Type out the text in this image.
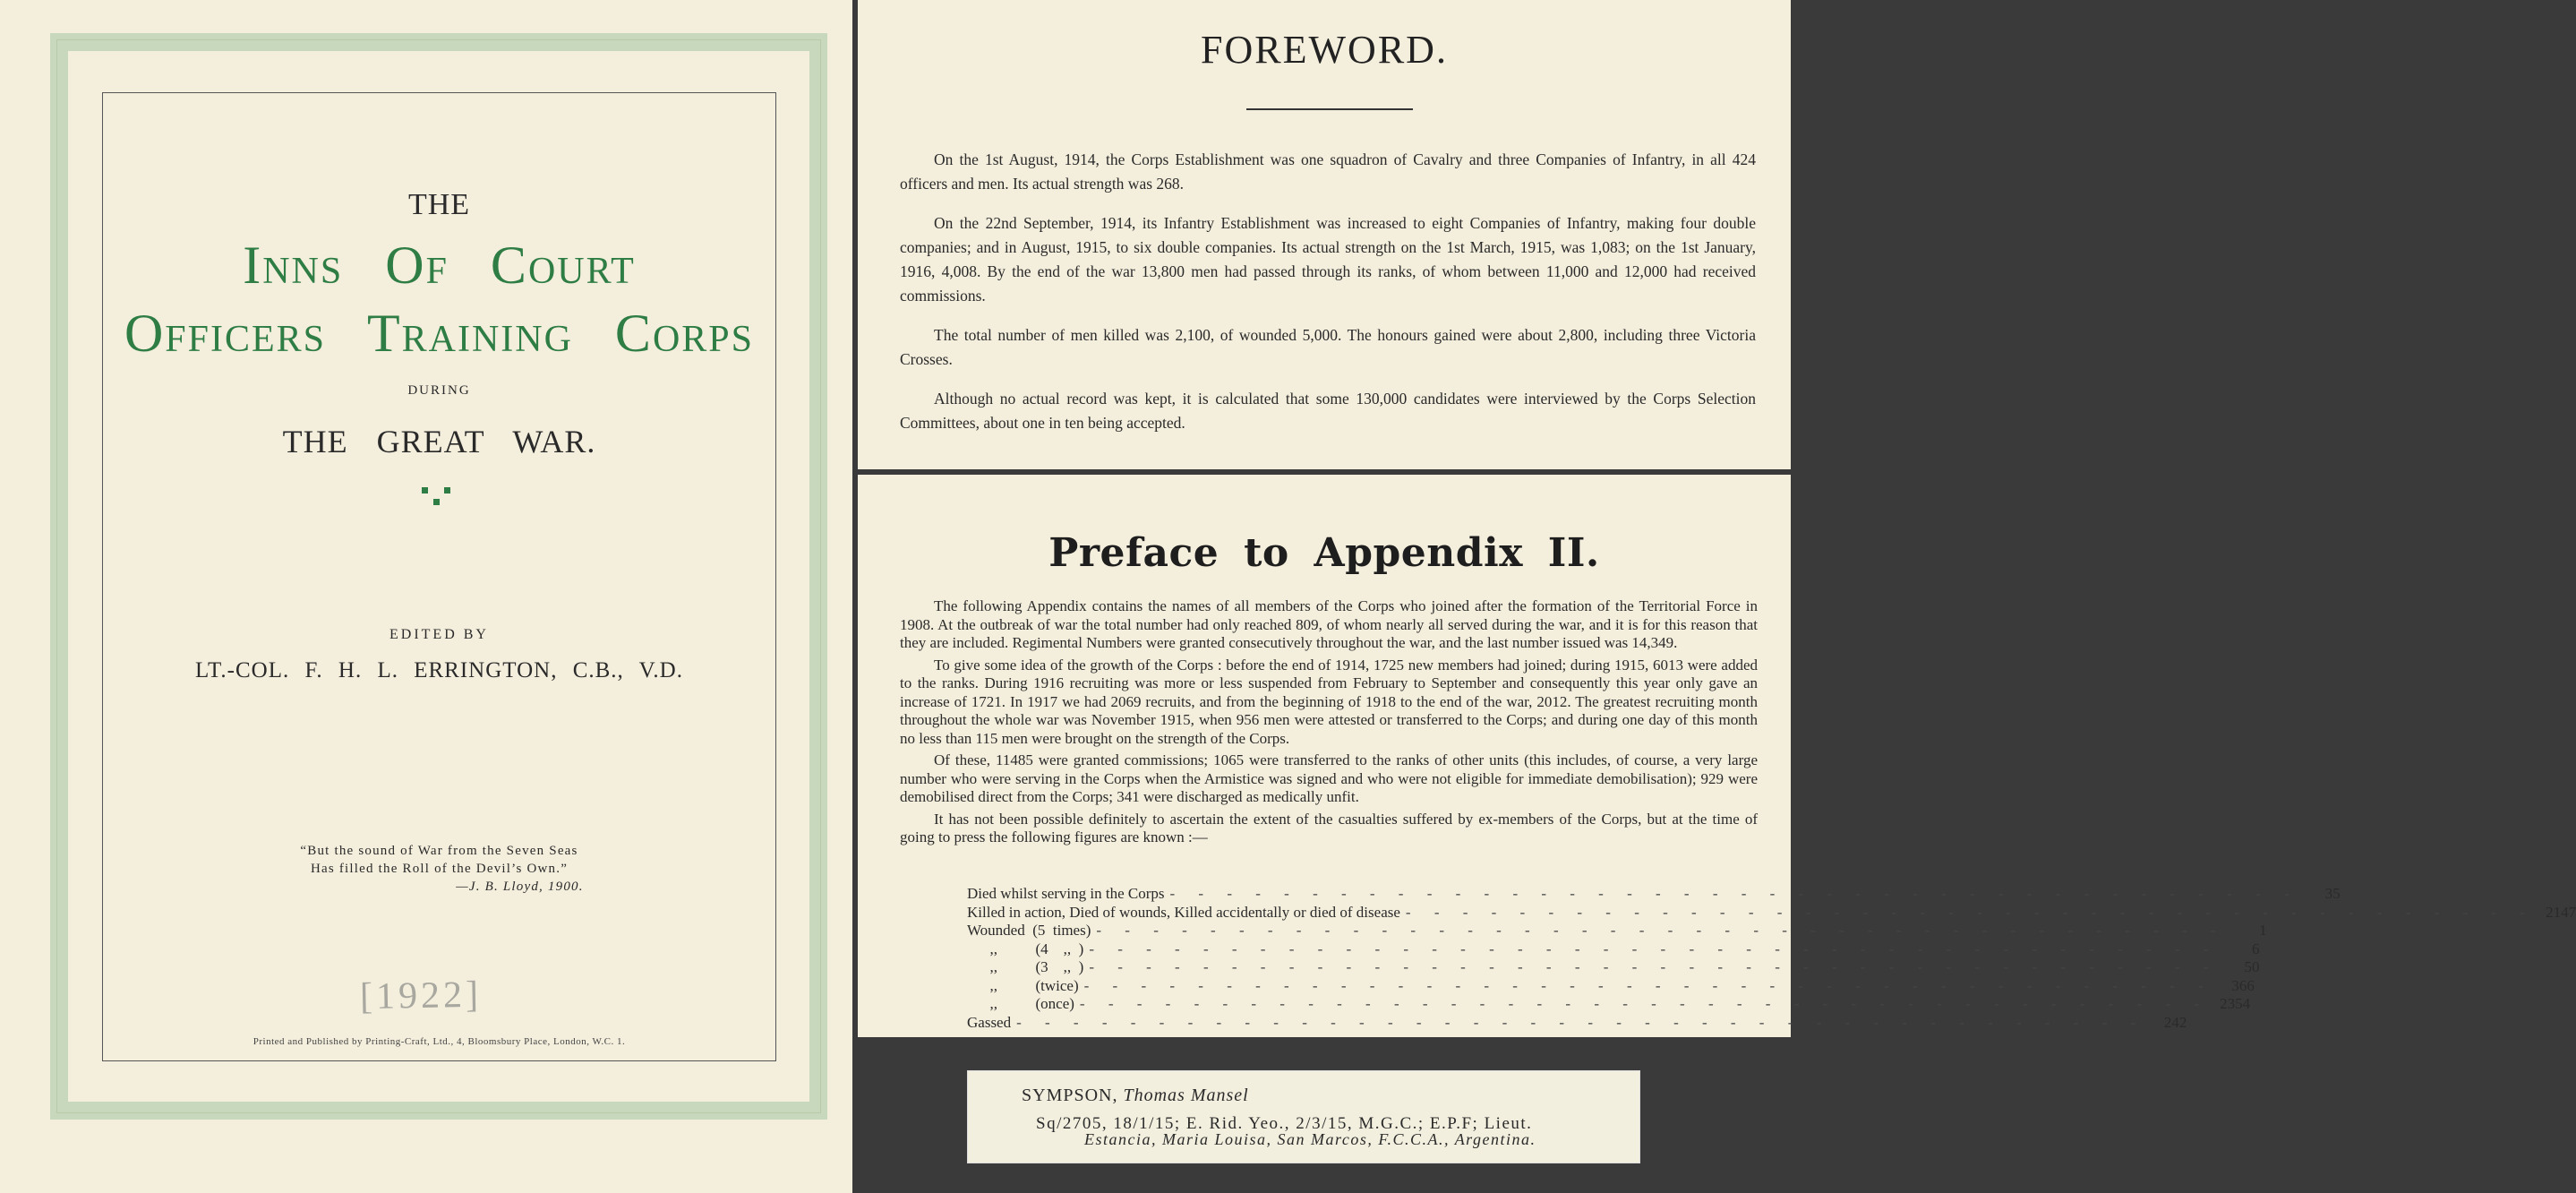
THE
Inns Of Court
Officers Training Corps
DURING
THE GREAT WAR.
EDITED BY
LT.-COL. F. H. L. ERRINGTON, C.B., V.D.
“But the sound of War from the Seven Seas
Has filled the Roll of the Devil’s Own.”
—J. B. Lloyd, 1900.
[1922]
Printed and Published by Printing-Craft, Ltd., 4, Bloomsbury Place, London, W.C. 1.
FOREWORD.

On the 1st August, 1914, the Corps Establishment was one squadron of Cavalry and three Companies of Infantry, in all 424 officers and men. Its actual strength was 268.

On the 22nd September, 1914, its Infantry Establishment was increased to eight Companies of Infantry, making four double companies; and in August, 1915, to six double companies. Its actual strength on the 1st March, 1915, was 1,083; on the 1st January, 1916, 4,008. By the end of the war 13,800 men had passed through its ranks, of whom between 11,000 and 12,000 had received commissions.

The total number of men killed was 2,100, of wounded 5,000. The honours gained were about 2,800, including three Victoria Crosses.

Although no actual record was kept, it is calculated that some 130,000 candidates were interviewed by the Corps Selection Committees, about one in ten being accepted.

Preface to Appendix II.

The following Appendix contains the names of all members of the Corps who joined after the formation of the Territorial Force in 1908. At the outbreak of war the total number had only reached 809, of whom nearly all served during the war, and it is for this reason that they are included. Regimental Numbers were granted consecutively throughout the war, and the last number issued was 14,349.

To give some idea of the growth of the Corps : before the end of 1914, 1725 new members had joined; during 1915, 6013 were added to the ranks. During 1916 recruiting was more or less suspended from February to September and consequently this year only gave an increase of 1721. In 1917 we had 2069 recruits, and from the beginning of 1918 to the end of the war, 2012. The greatest recruiting month throughout the whole war was November 1915, when 956 men were attested or transferred to the Corps; and during one day of this month no less than 115 men were brought on the strength of the Corps.

Of these, 11485 were granted commissions; 1065 were transferred to the ranks of other units (this includes, of course, a very large number who were serving in the Corps when the Armistice was signed and who were not eligible for immediate demobilisation); 929 were demobilised direct from the Corps; 341 were discharged as medically unfit.

It has not been possible definitely to ascertain the extent of the casualties suffered by ex-members of the Corps, but at the time of going to press the following figures are known :—

Died whilst serving in the Corps - - - - - - - - - - - - - - - - - - - - - - - - - - - - - - - - - - - - - - - -	35
Killed in action, Died of wounds, Killed accidentally or died of disease - - - - - - - - - - - - - - - - - - - - - - - - - - - - - - - - - - - - - - - - 2147
Wounded  (5  times) - - - - - - - - - - - - - - - - - - - - - - - - - - - - - - - - - - - - - - - -	1
,,          (4    ,,  ) - - - - - - - - - - - - - - - - - - - - - - - - - - - - - - - - - - - - - - - -	6
,,          (3    ,,  ) - - - - - - - - - - - - - - - - - - - - - - - - - - - - - - - - - - - - - - - -	50
,,          (twice) - - - - - - - - - - - - - - - - - - - - - - - - - - - - - - - - - - - - - - - -	366
,,          (once) - - - - - - - - - - - - - - - - - - - - - - - - - - - - - - - - - - - - - - - - 2354
Gassed - - - - - - - - - - - - - - - - - - - - - - - - - - - - - - - - - - - - - - - -	242
SYMPSON, Thomas Mansel
Sq/2705, 18/1/15; E. Rid. Yeo., 2/3/15, M.G.C.; E.P.F; Lieut.
Estancia, Maria Louisa, San Marcos, F.C.C.A., Argentina.
